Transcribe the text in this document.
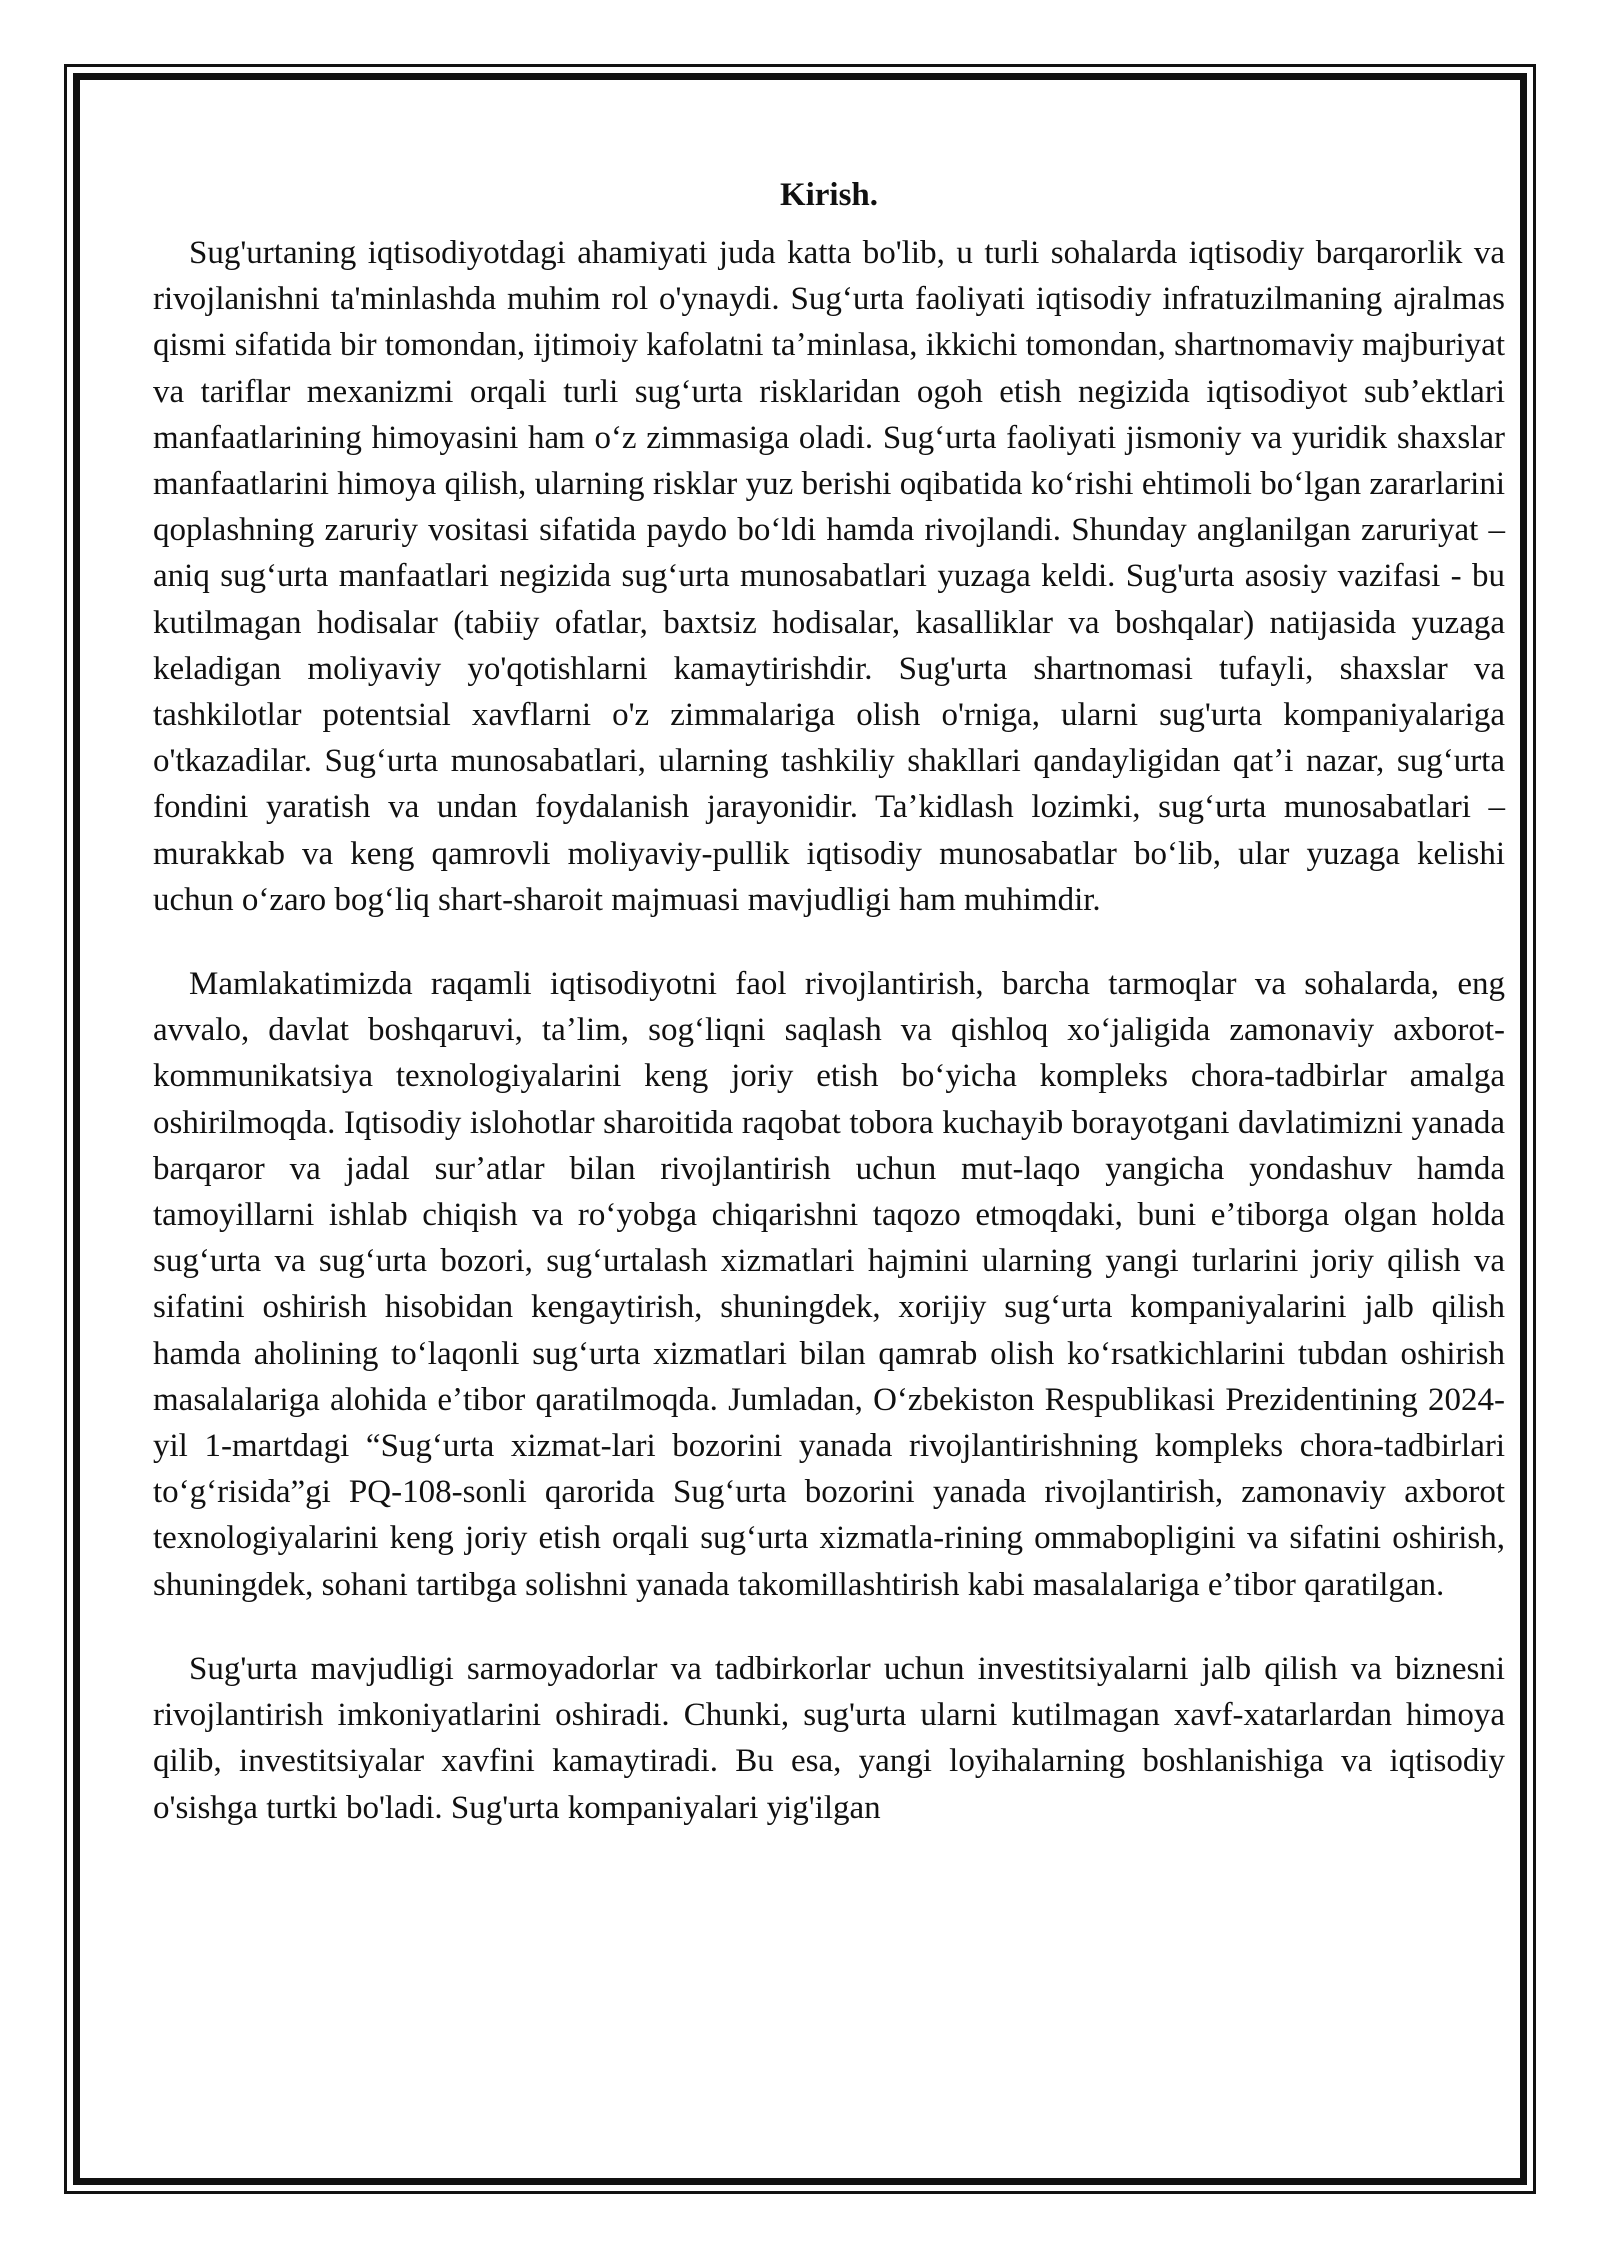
Kirish.

Sug'urtaning iqtisodiyotdagi ahamiyati juda katta bo'lib, u turli sohalarda iqtisodiy barqarorlik va rivojlanishni ta'minlashda muhim rol o'ynaydi. Sugʻurta faoliyati iqtisodiy infratuzilmaning ajralmas qismi sifatida bir tomondan, ijtimoiy kafolatni taʼminlasa, ikkichi tomondan, shartnomaviy majburiyat va tariflar mexanizmi orqali turli sugʻurta risklaridan ogoh etish negizida iqtisodiyot subʼektlari manfaatlarining himoyasini ham oʻz zimmasiga oladi. Sugʻurta faoliyati jismoniy va yuridik shaxslar manfaatlarini himoya qilish, ularning risklar yuz berishi oqibatida koʻrishi ehtimoli boʻlgan zararlarini qoplashning zaruriy vositasi sifatida paydo boʻldi hamda rivojlandi. Shunday anglanilgan zaruriyat – aniq sugʻurta manfaatlari negizida sugʻurta munosabatlari yuzaga keldi. Sug'urta asosiy vazifasi - bu kutilmagan hodisalar (tabiiy ofatlar, baxtsiz hodisalar, kasalliklar va boshqalar) natijasida yuzaga keladigan moliyaviy yo'qotishlarni kamaytirishdir. Sug'urta shartnomasi tufayli, shaxslar va tashkilotlar potentsial xavflarni o'z zimmalariga olish o'rniga, ularni sug'urta kompaniyalariga o'tkazadilar. Sugʻurta munosabatlari, ularning tashkiliy shakllari qandayligidan qatʼi nazar, sugʻurta fondini yaratish va undan foydalanish jarayonidir. Taʼkidlash lozimki, sugʻurta munosabatlari – murakkab va keng qamrovli moliyaviy-pullik iqtisodiy munosabatlar boʻlib, ular yuzaga kelishi uchun oʻzaro bogʻliq shart-sharoit majmuasi mavjudligi ham muhimdir.

Mamlakatimizda raqamli iqtisodiyotni faol rivojlantirish, barcha tarmoqlar va sohalarda, eng avvalo, davlat boshqaruvi, taʼlim, sogʻliqni saqlash va qishloq xoʻjaligida zamonaviy axborot-kommunikatsiya texnologiyalarini keng joriy etish boʻyicha kompleks chora-tadbirlar amalga oshirilmoqda. Iqtisodiy islohotlar sharoitida raqobat tobora kuchayib borayotgani davlatimizni yanada barqaror va jadal surʼatlar bilan rivojlantirish uchun mut-laqo yangicha yondashuv hamda tamoyillarni ishlab chiqish va roʻyobga chiqarishni taqozo etmoqdaki, buni eʼtiborga olgan holda sugʻurta va sugʻurta bozori, sugʻurtalash xizmatlari hajmini ularning yangi turlarini joriy qilish va sifatini oshirish hisobidan kengaytirish, shuningdek, xorijiy sugʻurta kompaniyalarini jalb qilish hamda aholining toʻlaqonli sugʻurta xizmatlari bilan qamrab olish koʻrsatkichlarini tubdan oshirish masalalariga alohida eʼtibor qaratilmoqda. Jumladan, Oʻzbekiston Respublikasi Prezidentining 2024-yil 1-martdagi “Sugʻurta xizmat-lari bozorini yanada rivojlantirishning kompleks chora-tadbirlari toʻgʻrisida”gi PQ-108-sonli qarorida Sugʻurta bozorini yanada rivojlantirish, zamonaviy axborot texnologiyalarini keng joriy etish orqali sugʻurta xizmatla-rining ommabopligini va sifatini oshirish, shuningdek, sohani tartibga solishni yanada takomillashtirish kabi masalalariga eʼtibor qaratilgan.

Sug'urta mavjudligi sarmoyadorlar va tadbirkorlar uchun investitsiyalarni jalb qilish va biznesni rivojlantirish imkoniyatlarini oshiradi. Chunki, sug'urta ularni kutilmagan xavf-xatarlardan himoya qilib, investitsiyalar xavfini kamaytiradi. Bu esa, yangi loyihalarning boshlanishiga va iqtisodiy o'sishga turtki bo'ladi. Sug'urta kompaniyalari yig'ilgan
